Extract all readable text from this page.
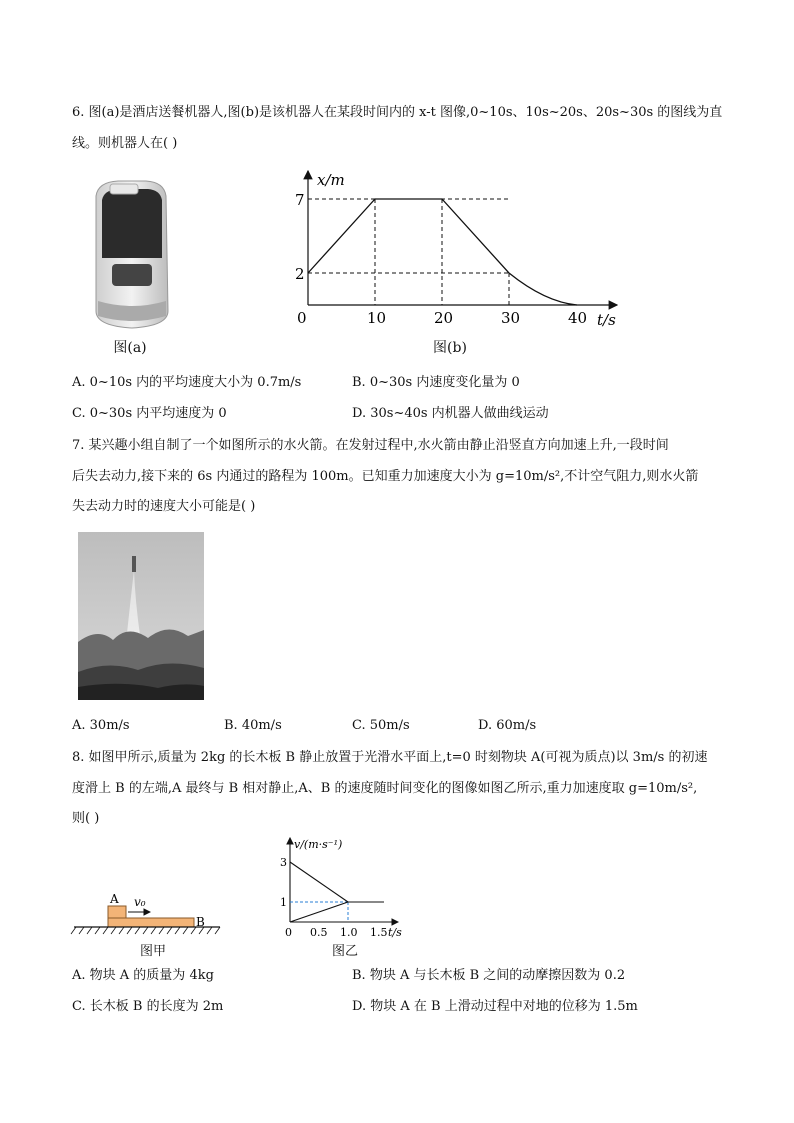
6. 图(a)是酒店送餐机器人,图(b)是该机器人在某段时间内的 x-t 图像,0~10s、10s~20s、20s~30s 的图线为直
线。则机器人在( )
图(a)
x/m
t/s
7
2
0	10	20	30	40
图(b)
A. 0~10s 内的平均速度大小为 0.7m/s	B. 0~30s 内速度变化量为 0
C. 0~30s 内平均速度为 0	D. 30s~40s 内机器人做曲线运动
7. 某兴趣小组自制了一个如图所示的水火箭。在发射过程中,水火箭由静止沿竖直方向加速上升,一段时间
后失去动力,接下来的 6s 内通过的路程为 100m。已知重力加速度大小为 g=10m/s²,不计空气阻力,则水火箭
失去动力时的速度大小可能是( )
A. 30m/s	B. 40m/s	C. 50m/s	D. 60m/s
8. 如图甲所示,质量为 2kg 的长木板 B 静止放置于光滑水平面上,t=0 时刻物块 A(可视为质点)以 3m/s 的初速
度滑上 B 的左端,A 最终与 B 相对静止,A、B 的速度随时间变化的图像如图乙所示,重力加速度取 g=10m/s²,
则( )
A
B
v₀
图甲
v/(m·s⁻¹)
t/s
3
1
0 0.5 1.0 1.5
图乙
A. 物块 A 的质量为 4kg	B. 物块 A 与长木板 B 之间的动摩擦因数为 0.2
C. 长木板 B 的长度为 2m	D. 物块 A 在 B 上滑动过程中对地的位移为 1.5m
